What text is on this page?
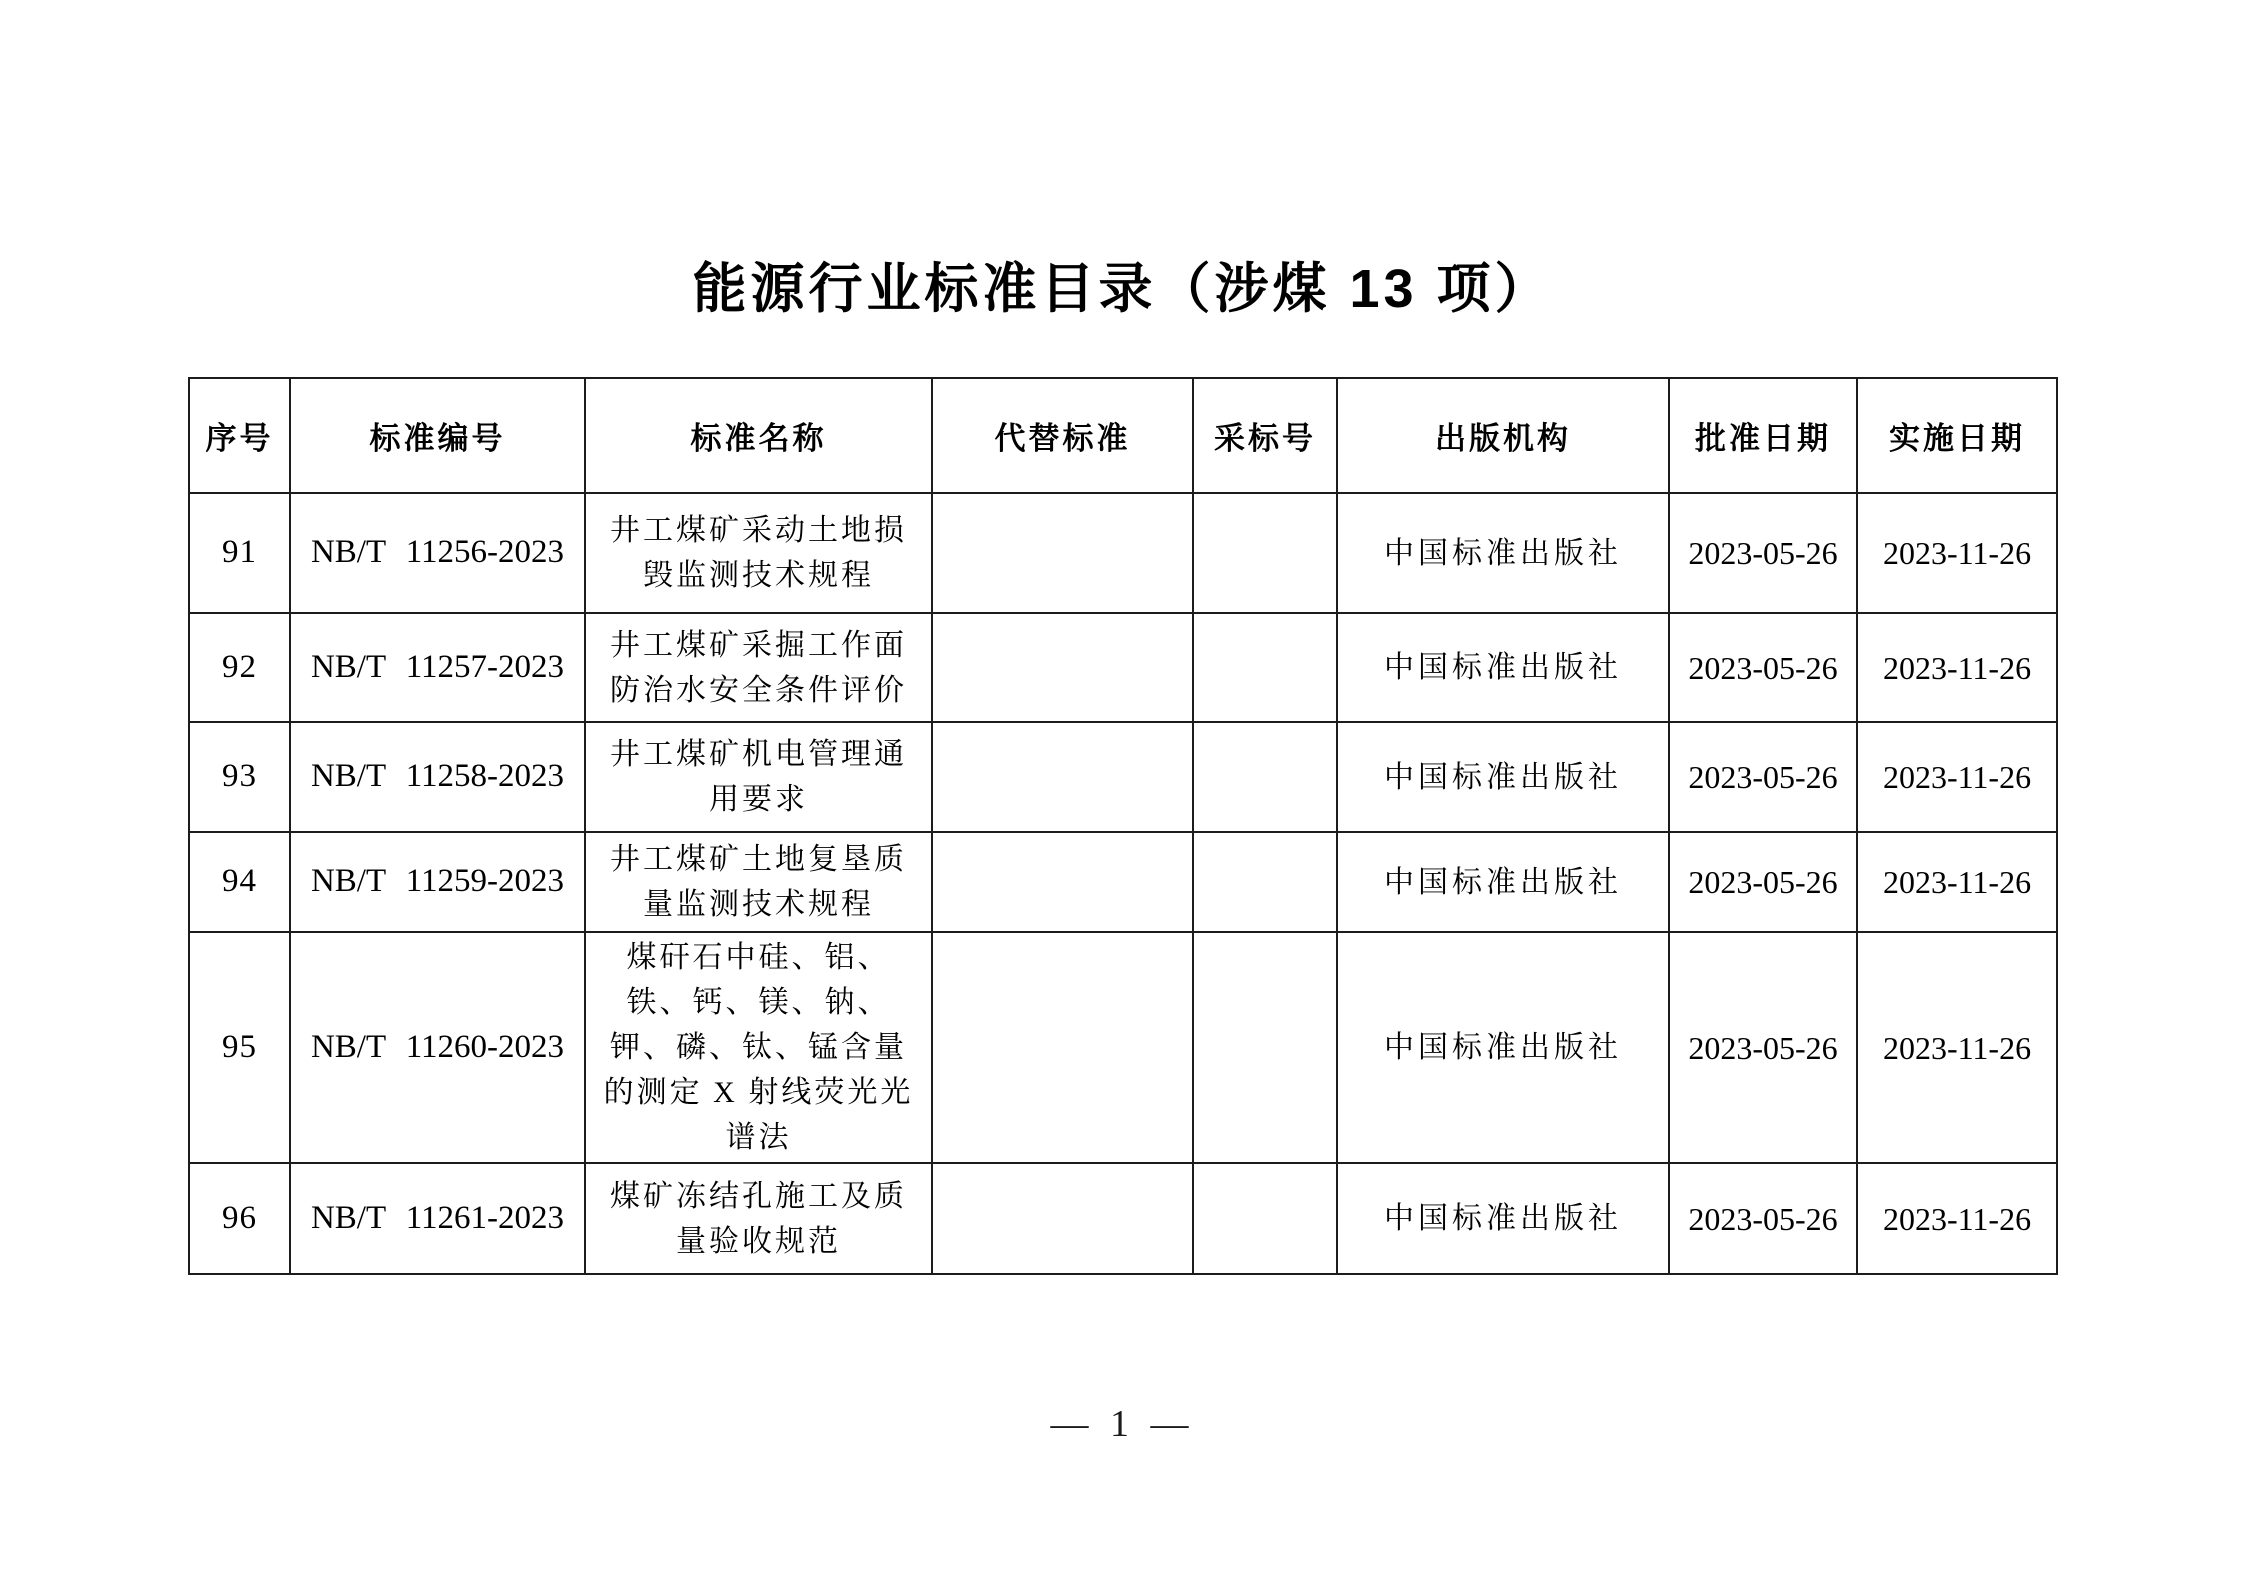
能源行业标准目录（涉煤 13 项）
序号	标准编号	标准名称	代替标准	采标号	出版机构	批准日期	实施日期
91	NB/T 11256-2023	井工煤矿采动土地损毁监测技术规程			中国标准出版社	2023-05-26	2023-11-26
92	NB/T 11257-2023	井工煤矿采掘工作面防治水安全条件评价			中国标准出版社	2023-05-26	2023-11-26
93	NB/T 11258-2023	井工煤矿机电管理通用要求			中国标准出版社	2023-05-26	2023-11-26
94	NB/T 11259-2023	井工煤矿土地复垦质量监测技术规程			中国标准出版社	2023-05-26	2023-11-26
95	NB/T 11260-2023	煤矸石中硅、铝、铁、钙、镁、钠、钾、磷、钛、锰含量的测定 X 射线荧光光谱法			中国标准出版社	2023-05-26	2023-11-26
96	NB/T 11261-2023	煤矿冻结孔施工及质量验收规范			中国标准出版社	2023-05-26	2023-11-26
— 1 —
